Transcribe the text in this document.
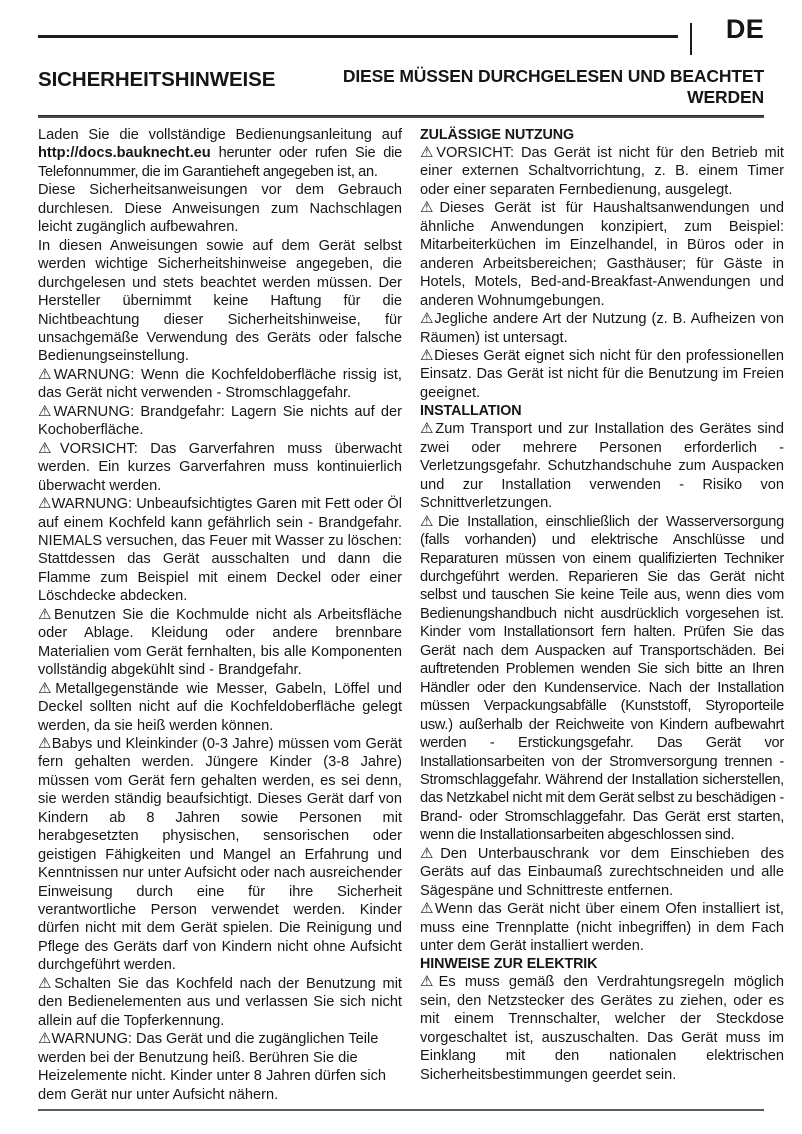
DE
SICHERHEITSHINWEISE	DIESE MÜSSEN DURCHGELESEN UND BEACHTET WERDEN

Laden Sie die vollständige Bedienungsanleitung auf http://docs.bauknecht.eu herunter oder rufen Sie die Telefonnummer, die im Garantieheft angegeben ist, an.

Diese Sicherheitsanweisungen vor dem Gebrauch durchlesen. Diese Anweisungen zum Nachschlagen leicht zugänglich aufbewahren.

In diesen Anweisungen sowie auf dem Gerät selbst werden wichtige Sicherheitshinweise angegeben, die durchgelesen und stets beachtet werden müssen. Der Hersteller übernimmt keine Haftung für die Nichtbeachtung dieser Sicherheitshinweise, für unsachgemäße Verwendung des Geräts oder falsche Bedienungseinstellung.

⚠WARNUNG: Wenn die Kochfeldoberfläche rissig ist, das Gerät nicht verwenden - Stromschlaggefahr.

⚠WARNUNG: Brandgefahr: Lagern Sie nichts auf der Kochoberfläche.

⚠VORSICHT: Das Garverfahren muss überwacht werden. Ein kurzes Garverfahren muss kontinuierlich überwacht werden.

⚠WARNUNG: Unbeaufsichtigtes Garen mit Fett oder Öl auf einem Kochfeld kann gefährlich sein - Brandgefahr. NIEMALS versuchen, das Feuer mit Wasser zu löschen: Stattdessen das Gerät ausschalten und dann die Flamme zum Beispiel mit einem Deckel oder einer Löschdecke abdecken.

⚠Benutzen Sie die Kochmulde nicht als Arbeitsfläche oder Ablage. Kleidung oder andere brennbare Materialien vom Gerät fernhalten, bis alle Komponenten vollständig abgekühlt sind - Brandgefahr.

⚠Metallgegenstände wie Messer, Gabeln, Löffel und Deckel sollten nicht auf die Kochfeldoberfläche gelegt werden, da sie heiß werden können.

⚠Babys und Kleinkinder (0-3 Jahre) müssen vom Gerät fern gehalten werden. Jüngere Kinder (3-8 Jahre) müssen vom Gerät fern gehalten werden, es sei denn, sie werden ständig beaufsichtigt. Dieses Gerät darf von Kindern ab 8 Jahren sowie Personen mit herabgesetzten physischen, sensorischen oder geistigen Fähigkeiten und Mangel an Erfahrung und Kenntnissen nur unter Aufsicht oder nach ausreichender Einweisung durch eine für ihre Sicherheit verantwortliche Person verwendet werden. Kinder dürfen nicht mit dem Gerät spielen. Die Reinigung und Pflege des Geräts darf von Kindern nicht ohne Aufsicht durchgeführt werden.

⚠Schalten Sie das Kochfeld nach der Benutzung mit den Bedienelementen aus und verlassen Sie sich nicht allein auf die Topferkennung.

⚠WARNUNG: Das Gerät und die zugänglichen Teile werden bei der Benutzung heiß. Berühren Sie die Heizelemente nicht. Kinder unter 8 Jahren dürfen sich dem Gerät nur unter Aufsicht nähern.

ZULÄSSIGE NUTZUNG

⚠VORSICHT: Das Gerät ist nicht für den Betrieb mit einer externen Schaltvorrichtung, z. B. einem Timer oder einer separaten Fernbedienung, ausgelegt.

⚠Dieses Gerät ist für Haushaltsanwendungen und ähnliche Anwendungen konzipiert, zum Beispiel: Mitarbeiterküchen im Einzelhandel, in Büros oder in anderen Arbeitsbereichen; Gasthäuser; für Gäste in Hotels, Motels, Bed-and-Breakfast-Anwendungen und anderen Wohnumgebungen.

⚠Jegliche andere Art der Nutzung (z. B. Aufheizen von Räumen) ist untersagt.

⚠Dieses Gerät eignet sich nicht für den professionellen Einsatz. Das Gerät ist nicht für die Benutzung im Freien geeignet.

INSTALLATION

⚠Zum Transport und zur Installation des Gerätes sind zwei oder mehrere Personen erforderlich - Verletzungsgefahr. Schutzhandschuhe zum Auspacken und zur Installation verwenden - Risiko von Schnittverletzungen.

⚠Die Installation, einschließlich der Wasserversorgung (falls vorhanden) und elektrische Anschlüsse und Reparaturen müssen von einem qualifizierten Techniker durchgeführt werden. Reparieren Sie das Gerät nicht selbst und tauschen Sie keine Teile aus, wenn dies vom Bedienungshandbuch nicht ausdrücklich vorgesehen ist. Kinder vom Installationsort fern halten. Prüfen Sie das Gerät nach dem Auspacken auf Transportschäden. Bei auftretenden Problemen wenden Sie sich bitte an Ihren Händler oder den Kundenservice. Nach der Installation müssen Verpackungsabfälle (Kunststoff, Styroporteile usw.) außerhalb der Reichweite von Kindern aufbewahrt werden - Erstickungsgefahr. Das Gerät vor Installationsarbeiten von der Stromversorgung trennen - Stromschlaggefahr. Während der Installation sicherstellen, das Netzkabel nicht mit dem Gerät selbst zu beschädigen - Brand- oder Stromschlaggefahr. Das Gerät erst starten, wenn die Installationsarbeiten abgeschlossen sind.

⚠Den Unterbauschrank vor dem Einschieben des Geräts auf das Einbaumaß zurechtschneiden und alle Sägespäne und Schnittreste entfernen.

⚠Wenn das Gerät nicht über einem Ofen installiert ist, muss eine Trennplatte (nicht inbegriffen) in dem Fach unter dem Gerät installiert werden.

HINWEISE ZUR ELEKTRIK

⚠Es muss gemäß den Verdrahtungsregeln möglich sein, den Netzstecker des Gerätes zu ziehen, oder es mit einem Trennschalter, welcher der Steckdose vorgeschaltet ist, auszuschalten. Das Gerät muss im Einklang mit den nationalen elektrischen Sicherheitsbestimmungen geerdet sein.
